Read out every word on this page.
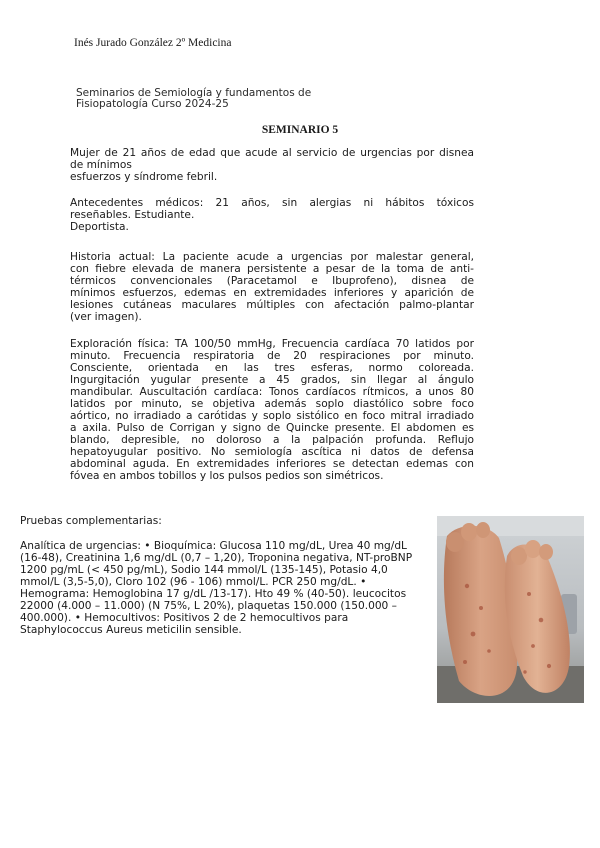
Inés Jurado González 2º Medicina
Seminarios de Semiología y fundamentos de
Fisiopatología Curso 2024-25
SEMINARIO 5
Mujer de 21 años de edad que acude al servicio de urgencias por disnea
de mínimos
esfuerzos y síndrome febril.
Antecedentes médicos: 21 años, sin alergias ni hábitos tóxicos
reseñables. Estudiante.
Deportista.
Historia actual: La paciente acude a urgencias por malestar general,
con fiebre elevada de manera persistente a pesar de la toma de anti-
térmicos convencionales (Paracetamol e Ibuprofeno), disnea de
mínimos esfuerzos, edemas en extremidades inferiores y aparición de
lesiones cutáneas maculares múltiples con afectación palmo-plantar
(ver imagen).
Exploración física: TA 100/50 mmHg, Frecuencia cardíaca 70 latidos por
minuto. Frecuencia respiratoria de 20 respiraciones por minuto.
Consciente, orientada en las tres esferas, normo coloreada.
Ingurgitación yugular presente a 45 grados, sin llegar al ángulo
mandibular. Auscultación cardíaca: Tonos cardíacos rítmicos, a unos 80
latidos por minuto, se objetiva además soplo diastólico sobre foco
aórtico, no irradiado a carótidas y soplo sistólico en foco mitral irradiado
a axila. Pulso de Corrigan y signo de Quincke presente. El abdomen es
blando, depresible, no doloroso a la palpación profunda. Reflujo
hepatoyugular positivo. No semiología ascítica ni datos de defensa
abdominal aguda. En extremidades inferiores se detectan edemas con
fóvea en ambos tobillos y los pulsos pedios son simétricos.
Pruebas complementarias:
Analítica de urgencias: • Bioquímica: Glucosa 110 mg/dL, Urea 40 mg/dL (16-48), Creatinina 1,6 mg/dL (0,7 – 1,20), Troponina negativa, NT-proBNP 1200 pg/mL (< 450 pg/mL), Sodio 144 mmol/L (135-145), Potasio 4,0 mmol/L (3,5-5,0), Cloro 102 (96 - 106) mmol/L. PCR 250 mg/dL. • Hemograma: Hemoglobina 17 g/dL /13-17). Hto 49 % (40-50). leucocitos 22000 (4.000 – 11.000) (N 75%, L 20%), plaquetas 150.000 (150.000 – 400.000). • Hemocultivos: Positivos 2 de 2 hemocultivos para Staphylococcus Aureus meticilin sensible.
